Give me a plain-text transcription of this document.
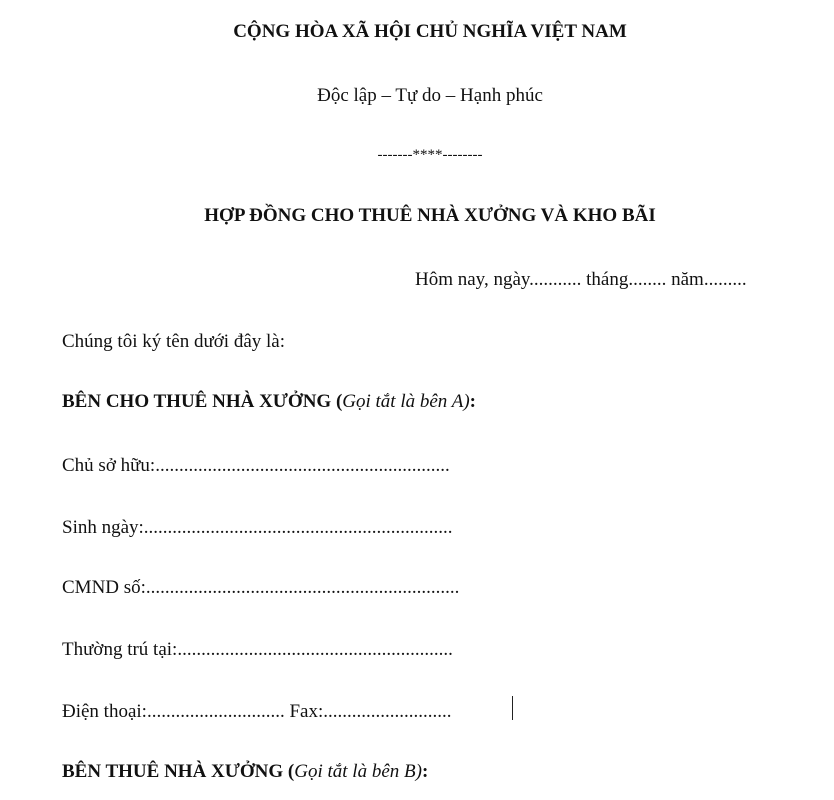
CỘNG HÒA XÃ HỘI CHỦ NGHĨA VIỆT NAM
Độc lập – Tự do – Hạnh phúc
-------****--------
HỢP ĐỒNG CHO THUÊ NHÀ XƯỞNG VÀ KHO BÃI
Hôm nay, ngày........... tháng........ năm.........
Chúng tôi ký tên dưới đây là:
BÊN CHO THUÊ NHÀ XƯỞNG (Gọi tắt là bên A):
Chủ sở hữu:..............................................................
Sinh ngày:.................................................................
CMND số:..................................................................
Thường trú tại:..........................................................
Điện thoại:............................. Fax:...........................
BÊN THUÊ NHÀ XƯỞNG (Gọi tắt là bên B):
